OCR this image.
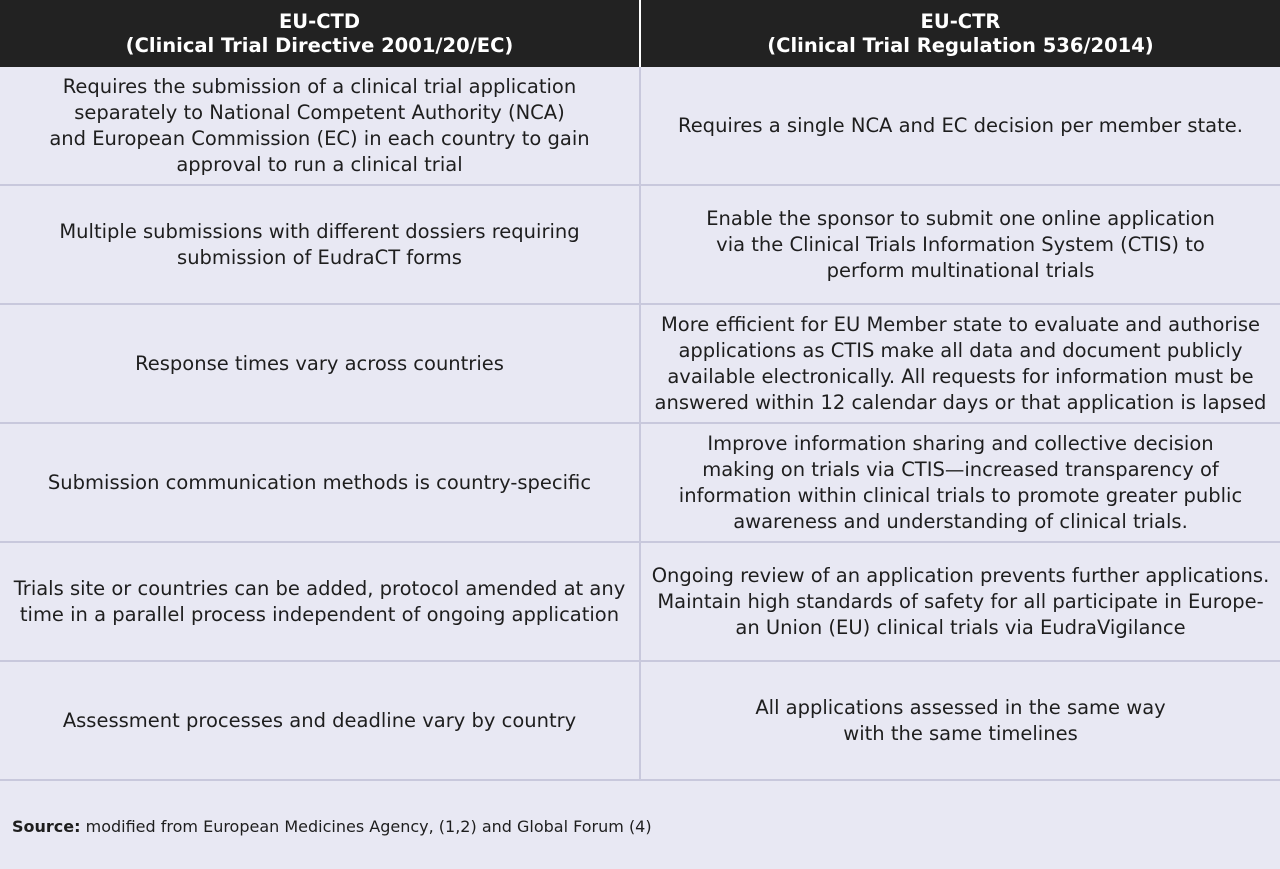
EU-CTD
(Clinical Trial Directive 2001/20/EC)
EU-CTR
(Clinical Trial Regulation 536/2014)
Requires the submission of a clinical trial application
separately to National Competent Authority (NCA)
and European Commission (EC) in each country to gain
approval to run a clinical trial
Requires a single NCA and EC decision per member state.
Multiple submissions with different dossiers requiring
submission of EudraCT forms
Enable the sponsor to submit one online application
via the Clinical Trials Information System (CTIS) to
perform multinational trials
Response times vary across countries
More efficient for EU Member state to evaluate and authorise
applications as CTIS make all data and document publicly
available electronically. All requests for information must be
answered within 12 calendar days or that application is lapsed
Submission communication methods is country-specific
Improve information sharing and collective decision
making on trials via CTIS—increased transparency of
information within clinical trials to promote greater public
awareness and understanding of clinical trials.
Trials site or countries can be added, protocol amended at any
time in a parallel process independent of ongoing application
Ongoing review of an application prevents further applications.
Maintain high standards of safety for all participate in Europe-
an Union (EU) clinical trials via EudraVigilance
Assessment processes and deadline vary by country
All applications assessed in the same way
with the same timelines
Source: modified from European Medicines Agency, (1,2) and Global Forum (4)
